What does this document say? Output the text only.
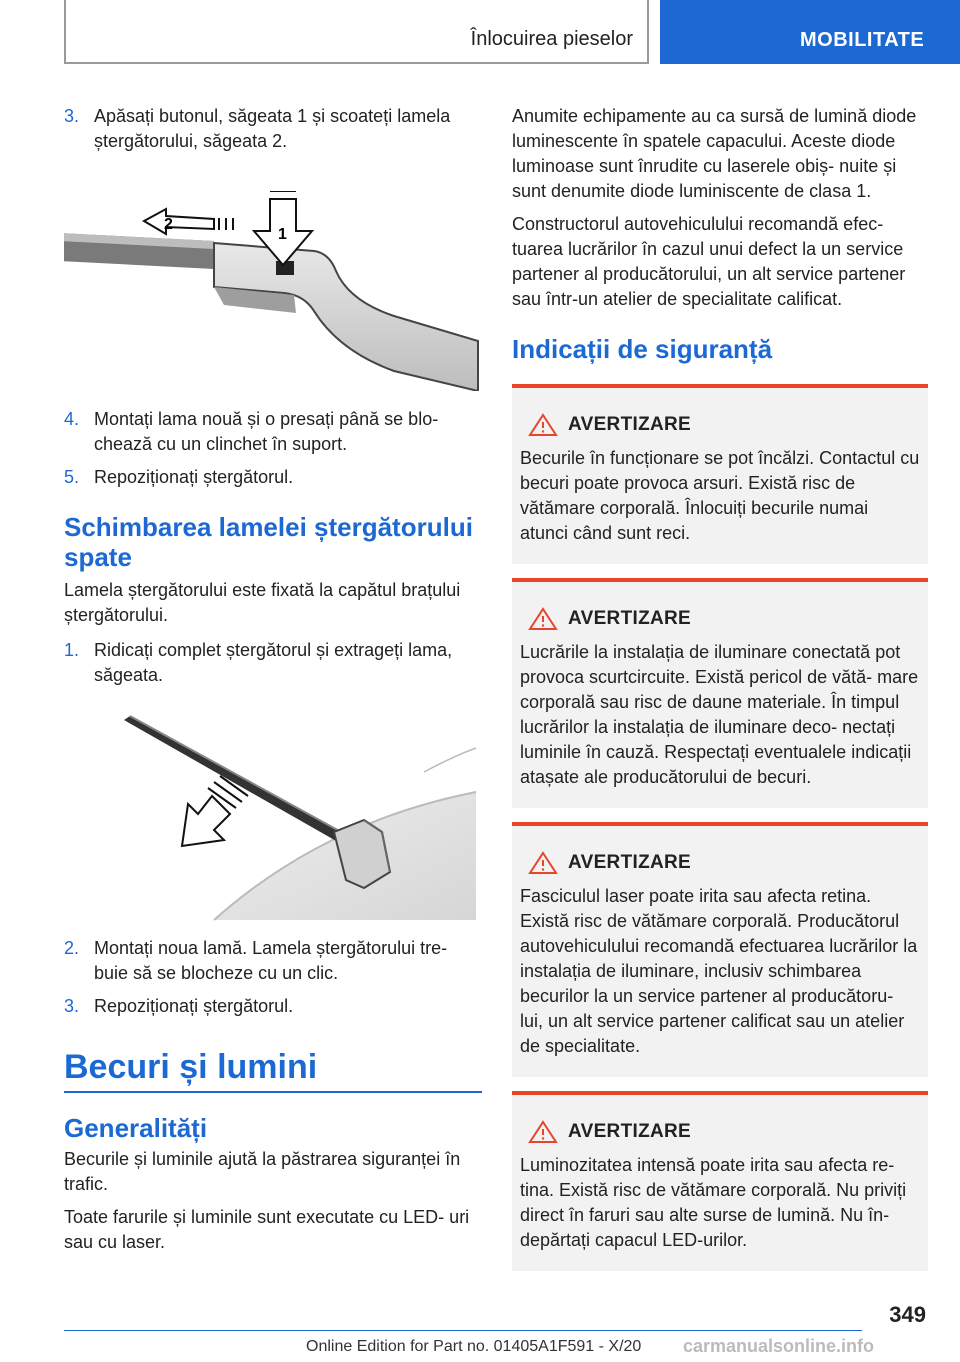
Înlocuirea pieselor	MOBILITATE
3. Apăsați butonul, săgeata 1 și scoateți lamela ștergătorului, săgeata 2.
2
1
4. Montați lama nouă și o presați până se blo‐ chează cu un clinchet în suport.
5. Repoziționați ștergătorul.
Schimbarea lamelei ștergătorului spate
Lamela ștergătorului este fixată la capătul brațului ștergătorului.
1. Ridicați complet ștergătorul și extrageți lama, săgeata.
2. Montați noua lamă. Lamela ștergătorului tre‐ buie să se blocheze cu un clic.
3. Repoziționați ștergătorul.
Becuri și lumini
Generalități
Becurile și luminile ajută la păstrarea siguranței în trafic.
Toate farurile și luminile sunt executate cu LED- uri sau cu laser.
Anumite echipamente au ca sursă de lumină diode luminescente în spatele capacului. Aceste diode luminoase sunt înrudite cu laserele obiș‐ nuite și sunt denumite diode luminiscente de clasa 1.
Constructorul autovehiculului recomandă efec‐ tuarea lucrărilor în cazul unui defect la un service partener al producătorului, un alt service partener sau într-un atelier de specialitate calificat.
Indicații de siguranță
AVERTIZARE
Becurile în funcționare se pot încălzi. Contactul cu becuri poate provoca arsuri. Există risc de vătămare corporală. Înlocuiți becurile numai atunci când sunt reci.
AVERTIZARE
Lucrările la instalația de iluminare conectată pot provoca scurtcircuite. Există pericol de vătă‐ mare corporală sau risc de daune materiale. În timpul lucrărilor la instalația de iluminare deco‐ nectați luminile în cauză. Respectați eventualele indicații atașate ale producătorului de becuri.
AVERTIZARE
Fasciculul laser poate irita sau afecta retina. Există risc de vătămare corporală. Producătorul autovehiculului recomandă efectuarea lucrărilor la instalația de iluminare, inclusiv schimbarea becurilor la un service partener al producătoru‐ lui, un alt service partener calificat sau un atelier de specialitate.
AVERTIZARE
Luminozitatea intensă poate irita sau afecta re‐ tina. Există risc de vătămare corporală. Nu priviți direct în faruri sau alte surse de lumină. Nu în‐ depărtați capacul LED-urilor.
349
Online Edition for Part no. 01405A1F591 - X/20 carmanualsonline.info
